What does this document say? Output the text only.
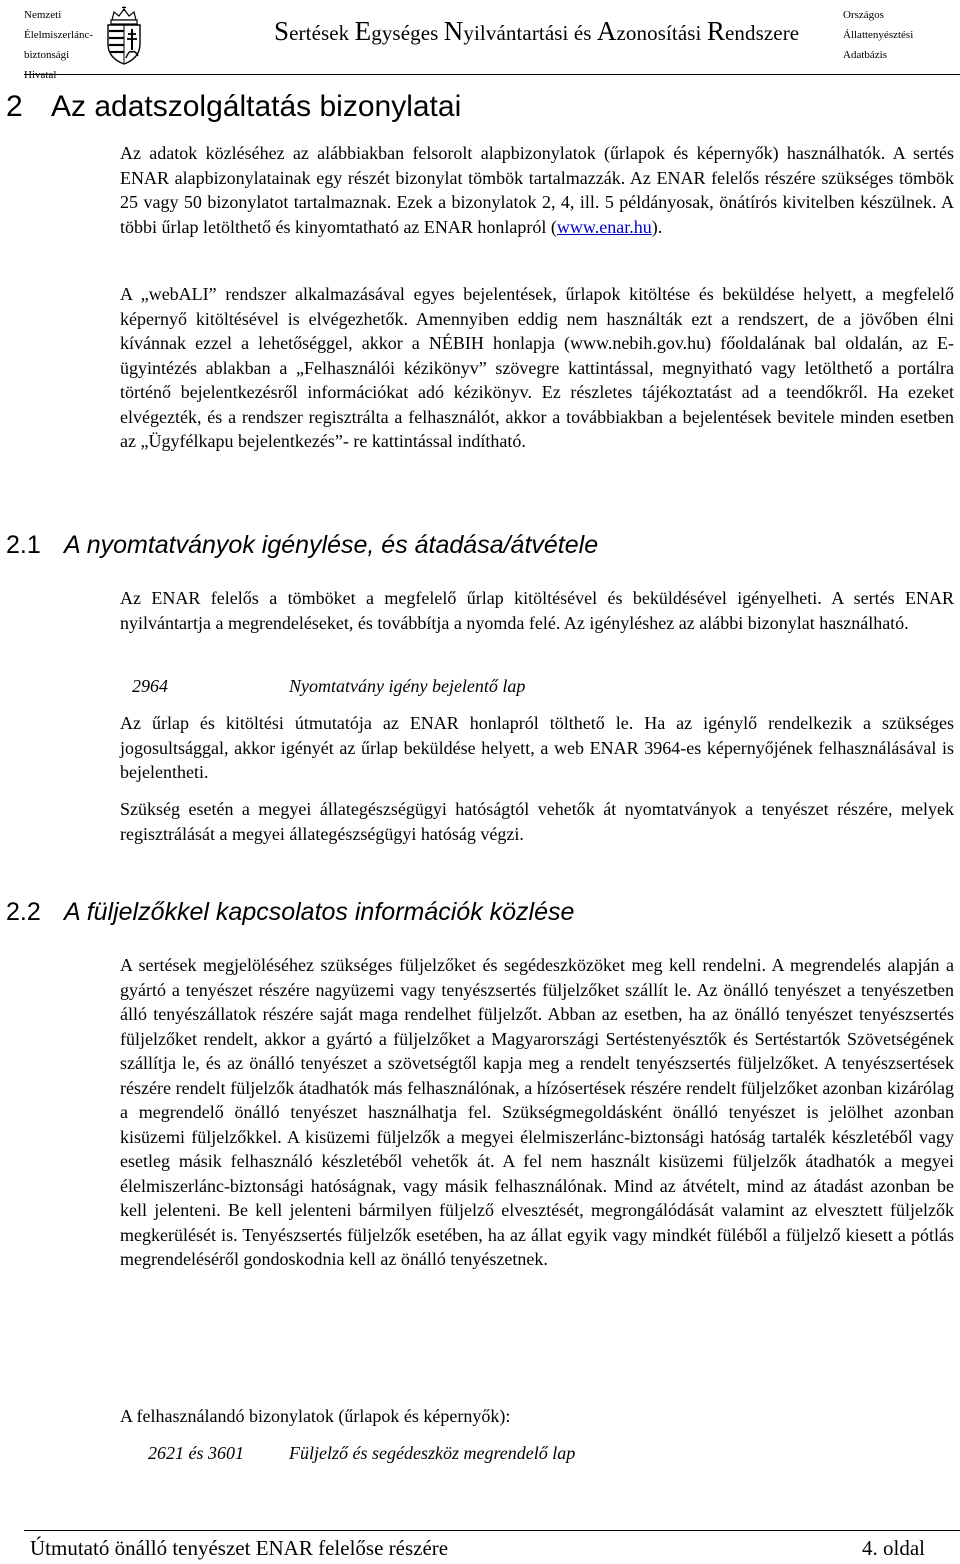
Nemzeti
Élelmiszerlánc-
biztonsági
Hivatal
Sertések Egységes Nyilvántartási és Azonosítási Rendszere
Országos
Állattenyésztési
Adatbázis
2 Az adatszolgáltatás bizonylatai

Az adatok közléséhez az alábbiakban felsorolt alapbizonylatok (űrlapok és képernyők) használhatók. A sertés ENAR alapbizonylatainak egy részét bizonylat tömbök tartalmazzák. Az ENAR felelős részére szükséges tömbök 25 vagy 50 bizonylatot tartalmaznak. Ezek a bizonylatok 2, 4, ill. 5 példányosak, önátírós kivitelben készülnek. A többi űrlap letölthető és kinyomtatható az ENAR honlapról (www.enar.hu).

A „webALI” rendszer alkalmazásával egyes bejelentések, űrlapok kitöltése és beküldése helyett, a megfelelő képernyő kitöltésével is elvégezhetők. Amennyiben eddig nem használták ezt a rendszert, de a jövőben élni kívánnak ezzel a lehetőséggel, akkor a NÉBIH honlapja (www.nebih.gov.hu) főoldalának bal oldalán, az E-ügyintézés ablakban a „Felhasználói kézikönyv” szövegre kattintással, megnyitható vagy letölthető a portálra történő bejelentkezésről információkat adó kézikönyv. Ez részletes tájékoztatást ad a teendőkről. Ha ezeket elvégezték, és a rendszer regisztrálta a felhasználót, akkor a továbbiakban a bejelentések bevitele minden esetben az „Ügyfélkapu bejelentkezés”- re kattintással indítható.

2.1 A nyomtatványok igénylése, és átadása/átvétele

Az ENAR felelős a tömböket a megfelelő űrlap kitöltésével és beküldésével igényelheti. A sertés ENAR nyilvántartja a megrendeléseket, és továbbítja a nyomda felé. Az igényléshez az alábbi bizonylat használható.

2964	Nyomtatvány igény bejelentő lap

Az űrlap és kitöltési útmutatója az ENAR honlapról tölthető le. Ha az igénylő rendelkezik a szükséges jogosultsággal, akkor igényét az űrlap beküldése helyett, a web ENAR 3964-es képernyőjének felhasználásával is bejelentheti.

Szükség esetén a megyei állategészségügyi hatóságtól vehetők át nyomtatványok a tenyészet részére, melyek regisztrálását a megyei állategészségügyi hatóság végzi.

2.2 A füljelzőkkel kapcsolatos információk közlése

A sertések megjelöléséhez szükséges füljelzőket és segédeszközöket meg kell rendelni. A megrendelés alapján a gyártó a tenyészet részére nagyüzemi vagy tenyészsertés füljelzőket szállít le. Az önálló tenyészet a tenyészetben álló tenyészállatok részére saját maga rendelhet füljelzőt. Abban az esetben, ha az önálló tenyészet tenyészsertés füljelzőket rendelt, akkor a gyártó a füljelzőket a Magyarországi Sertéstenyésztők és Sertéstartók Szövetségének szállítja le, és az önálló tenyészet a szövetségtől kapja meg a rendelt tenyészsertés füljelzőket. A tenyészsertések részére rendelt füljelzők átadhatók más felhasználónak, a hízósertések részére rendelt füljelzőket azonban kizárólag a megrendelő önálló tenyészet használhatja fel. Szükségmegoldásként önálló tenyészet is jelölhet azonban kisüzemi füljelzőkkel. A kisüzemi füljelzők a megyei élelmiszerlánc-biztonsági hatóság tartalék készletéből vagy esetleg másik felhasználó készletéből vehetők át. A fel nem használt kisüzemi füljelzők átadhatók a megyei élelmiszerlánc-biztonsági hatóságnak, vagy másik felhasználónak. Mind az átvételt, mind az átadást azonban be kell jelenteni. Be kell jelenteni bármilyen füljelző elvesztését, megrongálódását valamint az elvesztett füljelzők megkerülését is. Tenyészsertés füljelzők esetében, ha az állat egyik vagy mindkét füléből a füljelző kiesett a pótlás megrendeléséről gondoskodnia kell az önálló tenyészetnek.

A felhasználandó bizonylatok (űrlapok és képernyők):

2621 és 3601	Füljelző és segédeszköz megrendelő lap
Útmutató önálló tenyészet ENAR felelőse részére	4. oldal
